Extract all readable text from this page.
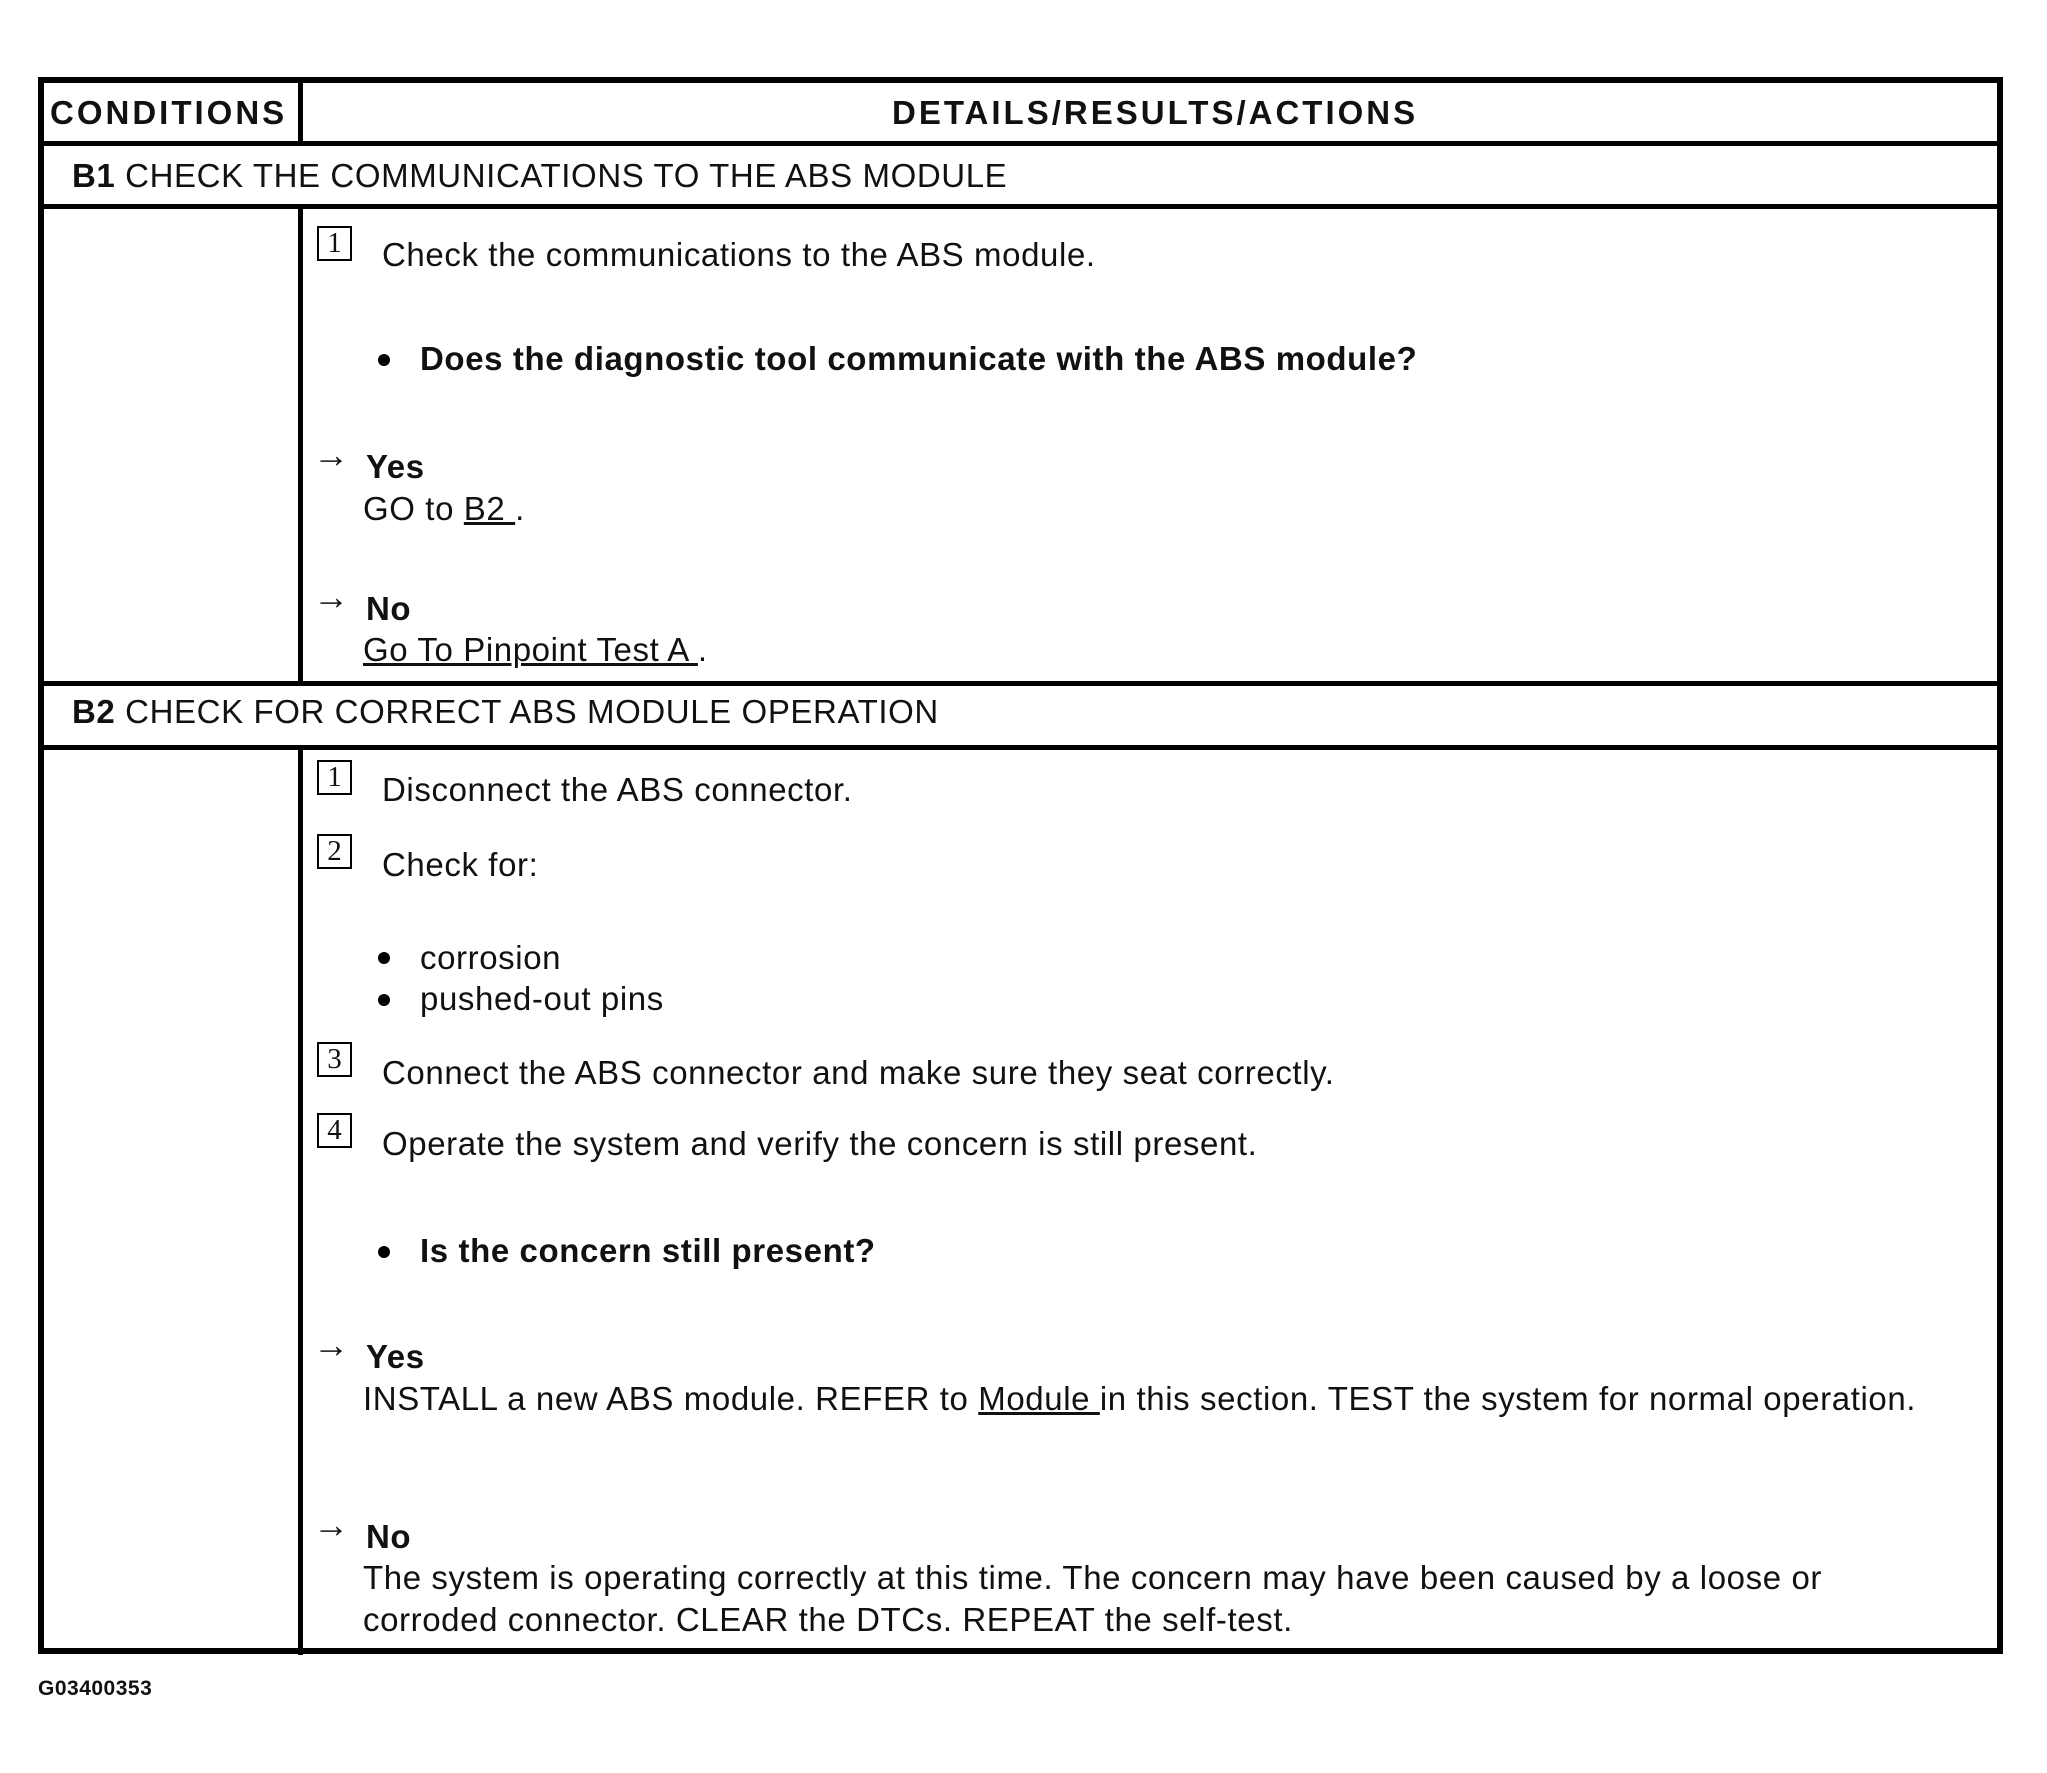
CONDITIONS	DETAILS/RESULTS/ACTIONS
B1 CHECK THE COMMUNICATIONS TO THE ABS MODULE
1	Check the communications to the ABS module.
Does the diagnostic tool communicate with the ABS module?
→ Yes
GO to B2 .
→ No
Go To Pinpoint Test A .
B2 CHECK FOR CORRECT ABS MODULE OPERATION
1	Disconnect the ABS connector.
2	Check for:
corrosion
pushed-out pins
3	Connect the ABS connector and make sure they seat correctly.
4	Operate the system and verify the concern is still present.
Is the concern still present?
→ Yes
INSTALL a new ABS module. REFER to Module in this section. TEST the system for normal operation.
→ No
The system is operating correctly at this time. The concern may have been caused by a loose or corroded connector. CLEAR the DTCs. REPEAT the self-test.
G03400353
